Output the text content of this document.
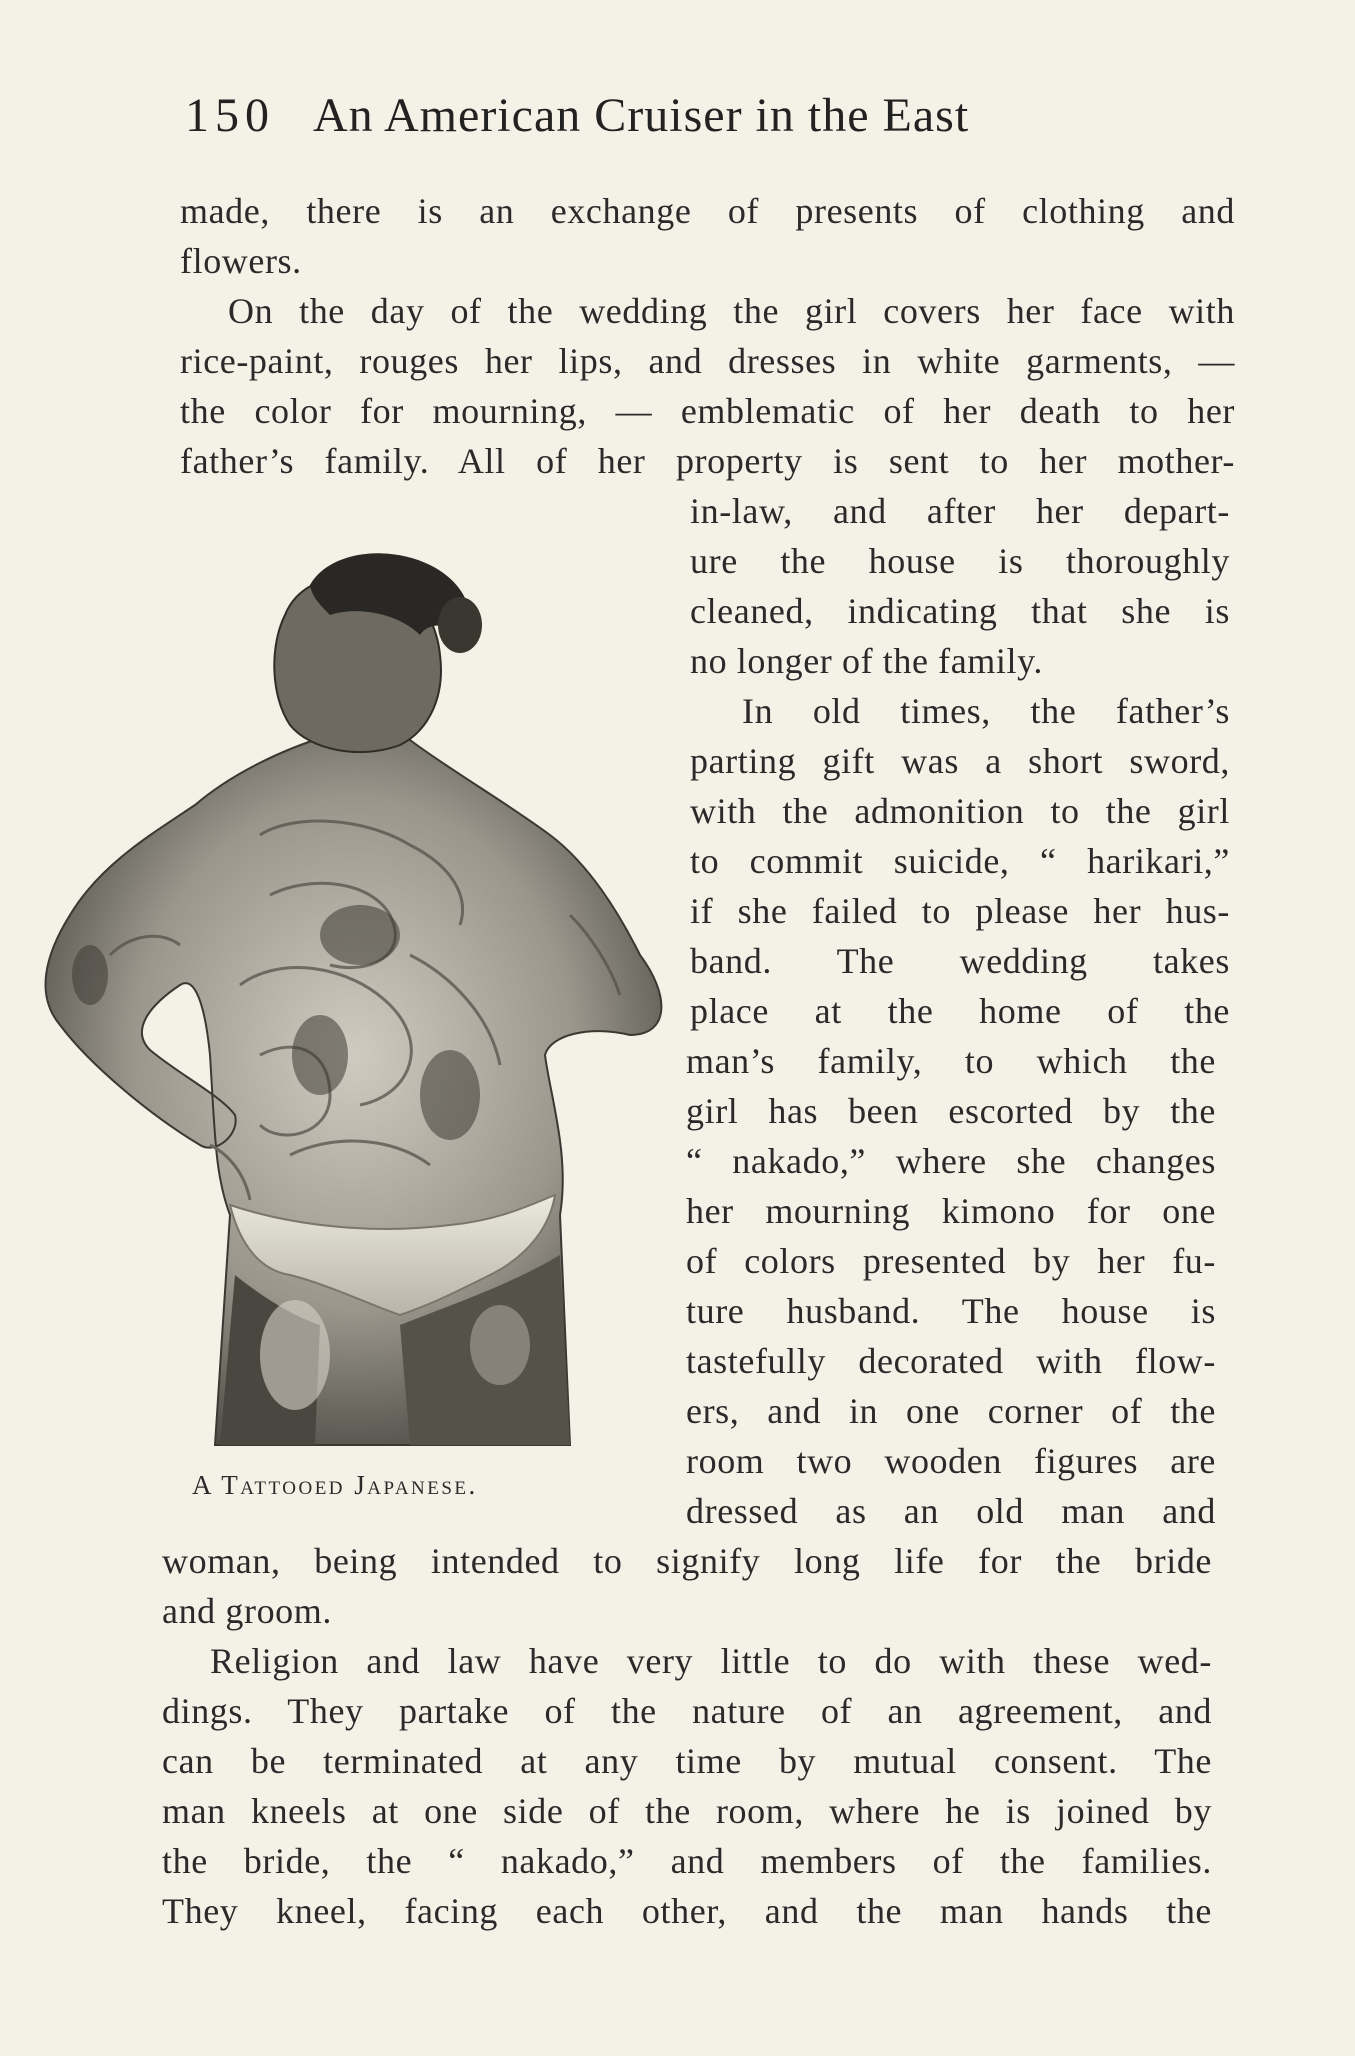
150 An American Cruiser in the East
made, there is an exchange of presents of clothing and
flowers.
On the day of the wedding the girl covers her face with
rice-paint, rouges her lips, and dresses in white garments, —
the color for mourning, — emblematic of her death to her
father’s family. All of her property is sent to her mother-
in-law, and after her depart-
ure the house is thoroughly
cleaned, indicating that she is
no longer of the family.
In old times, the father’s
parting gift was a short sword,
with the admonition to the girl
to commit suicide, “ harikari,”
if she failed to please her hus-
band. The wedding takes
place at the home of the
man’s family, to which the
girl has been escorted by the
“ nakado,” where she changes
her mourning kimono for one
of colors presented by her fu-
ture husband. The house is
tastefully decorated with flow-
ers, and in one corner of the
room two wooden figures are
dressed as an old man and
woman, being intended to signify long life for the bride
and groom.
Religion and law have very little to do with these wed-
dings. They partake of the nature of an agreement, and
can be terminated at any time by mutual consent. The
man kneels at one side of the room, where he is joined by
the bride, the “ nakado,” and members of the families.
They kneel, facing each other, and the man hands the
A Tattooed Japanese.
